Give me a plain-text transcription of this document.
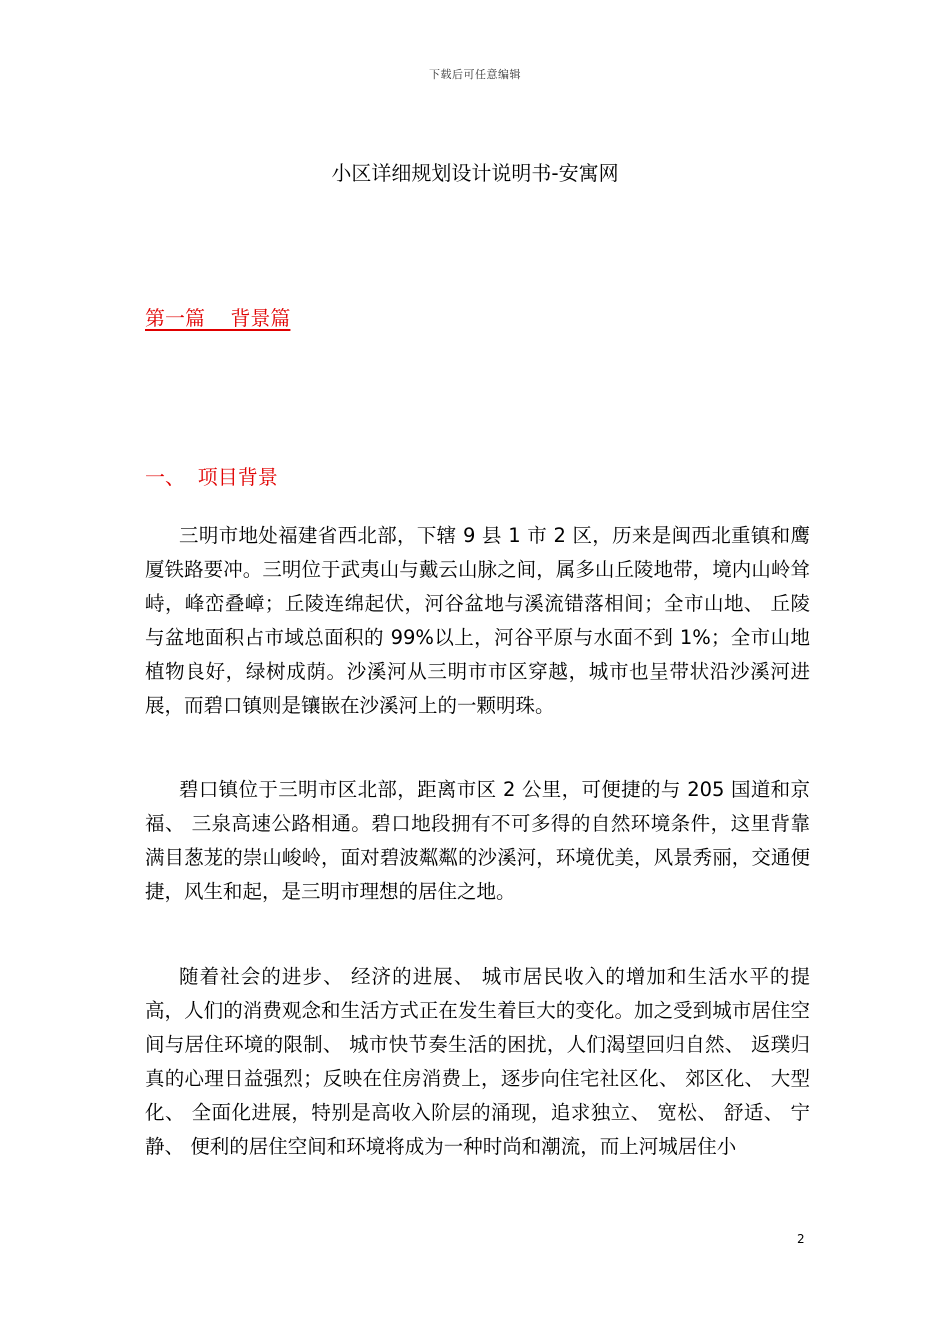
下载后可任意编辑
小区详细规划设计说明书-安寓网
第一篇    背景篇
一、  项目背景

三明市地处福建省西北部，下辖 9 县 1 市 2 区，历来是闽西北重镇和鹰厦铁路要冲。三明位于武夷山与戴云山脉之间，属多山丘陵地带，境内山岭耸峙，峰峦叠嶂；丘陵连绵起伏，河谷盆地与溪流错落相间；全市山地、 丘陵与盆地面积占市域总面积的 99%以上，河谷平原与水面不到 1%；全市山地植物良好，绿树成荫。沙溪河从三明市市区穿越，城市也呈带状沿沙溪河进展，而碧口镇则是镶嵌在沙溪河上的一颗明珠。

碧口镇位于三明市区北部，距离市区 2 公里，可便捷的与 205 国道和京福、 三泉高速公路相通。碧口地段拥有不可多得的自然环境条件，这里背靠满目葱茏的崇山峻岭，面对碧波粼粼的沙溪河，环境优美，风景秀丽，交通便捷，风生和起，是三明市理想的居住之地。

随着社会的进步、 经济的进展、 城市居民收入的增加和生活水平的提高，人们的消费观念和生活方式正在发生着巨大的变化。加之受到城市居住空间与居住环境的限制、 城市快节奏生活的困扰，人们渴望回归自然、 返璞归真的心理日益强烈；反映在住房消费上，逐步向住宅社区化、 郊区化、 大型化、 全面化进展，特别是高收入阶层的涌现，追求独立、 宽松、 舒适、 宁静、 便利的居住空间和环境将成为一种时尚和潮流，而上河城居住小

2
